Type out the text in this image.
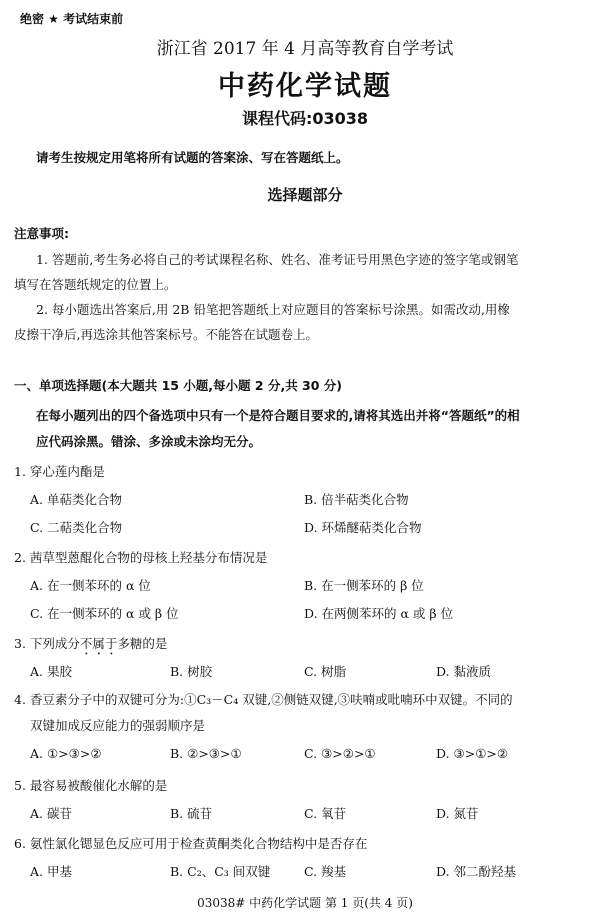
绝密 ★ 考试结束前
浙江省 2017 年 4 月高等教育自学考试
中药化学试题
课程代码:03038
请考生按规定用笔将所有试题的答案涂、写在答题纸上。
选择题部分
注意事项:
1. 答题前,考生务必将自己的考试课程名称、姓名、准考证号用黑色字迹的签字笔或钢笔
填写在答题纸规定的位置上。
2. 每小题选出答案后,用 2B 铅笔把答题纸上对应题目的答案标号涂黑。如需改动,用橡
皮擦干净后,再选涂其他答案标号。不能答在试题卷上。
一、单项选择题(本大题共 15 小题,每小题 2 分,共 30 分)
在每小题列出的四个备选项中只有一个是符合题目要求的,请将其选出并将“答题纸”的相
应代码涂黑。错涂、多涂或未涂均无分。
1. 穿心莲内酯是
A. 单萜类化合物	B. 倍半萜类化合物
C. 二萜类化合物	D. 环烯醚萜类化合物
2. 茜草型蒽醌化合物的母核上羟基分布情况是
A. 在一侧苯环的 α 位	B. 在一侧苯环的 β 位
C. 在一侧苯环的 α 或 β 位	D. 在两侧苯环的 α 或 β 位
3. 下列成分不属于多糖的是
A. 果胶	B. 树胶	C. 树脂	D. 黏液质
4. 香豆素分子中的双键可分为:①C₃－C₄ 双键,②侧链双键,③呋喃或吡喃环中双键。不同的
双键加成反应能力的强弱顺序是
A. ①>③>②	B. ②>③>①	C. ③>②>①	D. ③>①>②
5. 最容易被酸催化水解的是
A. 碳苷	B. 硫苷	C. 氧苷	D. 氮苷
6. 氨性氯化锶显色反应可用于检查黄酮类化合物结构中是否存在
A. 甲基	B. C₂、C₃ 间双键	C. 羧基	D. 邻二酚羟基
03038# 中药化学试题 第 1 页(共 4 页)
